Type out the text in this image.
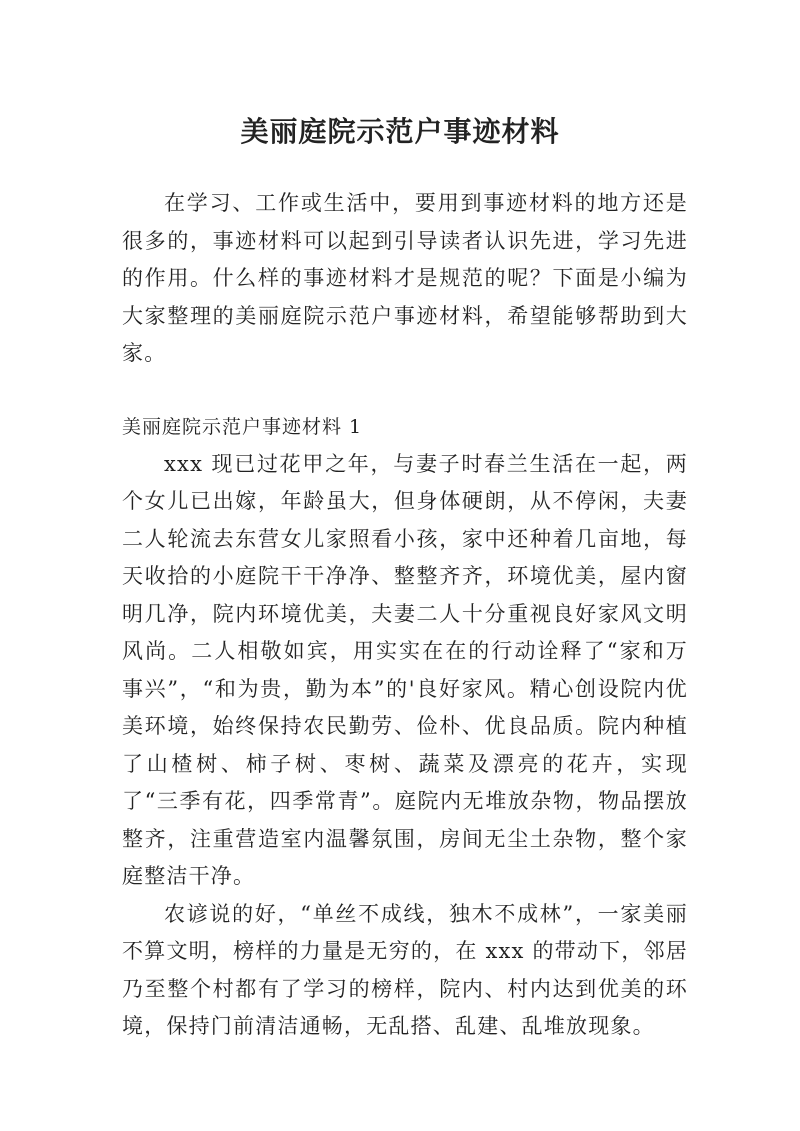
美丽庭院示范户事迹材料

在学习、工作或生活中，要用到事迹材料的地方还是很多的，事迹材料可以起到引导读者认识先进，学习先进的作用。什么样的事迹材料才是规范的呢？下面是小编为大家整理的美丽庭院示范户事迹材料，希望能够帮助到大家。

美丽庭院示范户事迹材料 1

xxx 现已过花甲之年，与妻子时春兰生活在一起，两个女儿已出嫁，年龄虽大，但身体硬朗，从不停闲，夫妻二人轮流去东营女儿家照看小孩，家中还种着几亩地，每天收拾的小庭院干干净净、整整齐齐，环境优美，屋内窗明几净，院内环境优美，夫妻二人十分重视良好家风文明风尚。二人相敬如宾，用实实在在的行动诠释了“家和万事兴”，“和为贵，勤为本”的'良好家风。精心创设院内优美环境，始终保持农民勤劳、俭朴、优良品质。院内种植了山楂树、柿子树、枣树、蔬菜及漂亮的花卉，实现了“三季有花，四季常青”。庭院内无堆放杂物，物品摆放整齐，注重营造室内温馨氛围，房间无尘土杂物，整个家庭整洁干净。

农谚说的好，“单丝不成线，独木不成林”，一家美丽不算文明，榜样的力量是无穷的，在 xxx 的带动下，邻居乃至整个村都有了学习的榜样，院内、村内达到优美的环境，保持门前清洁通畅，无乱搭、乱建、乱堆放现象。
